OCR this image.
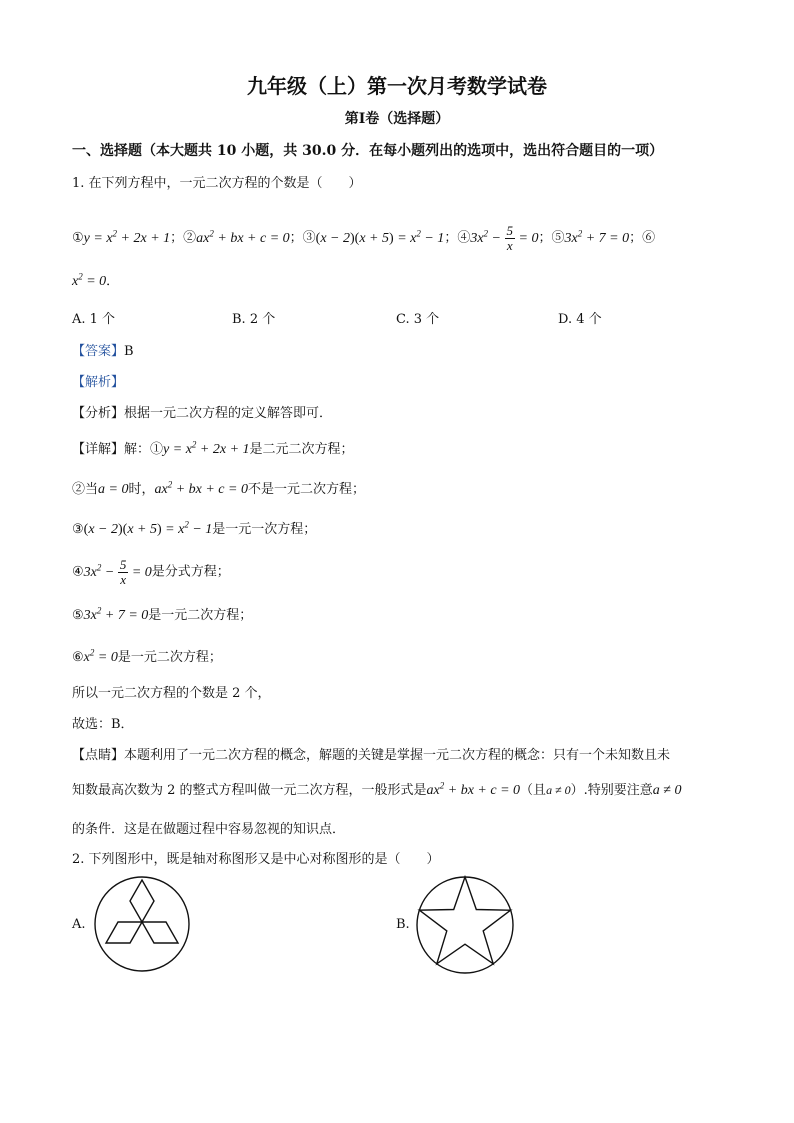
九年级（上）第一次月考数学试卷
第Ⅰ卷（选择题）
一、选择题（本大题共 10 小题，共 30.0 分．在每小题列出的选项中，选出符合题目的一项）
1. 在下列方程中，一元二次方程的个数是（　　）
①y = $x^2 + 2x + 1$；$②ax^2$ + bx + c = 0；③(x − $2)(x + 5) = x^2 - 1$；$④3x^2 - \frac{5}{x} = 0$；$⑤3x^2 + 7 = 0$；⑥
$x^2 = 0$．
A. 1 个	B. 2 个	C. 3 个	D. 4 个
【答案】B
【解析】
【分析】根据一元二次方程的定义解答即可．
【详解】解：①y = $x^2 + 2x + 1$是二元二次方程；
②当a = 0时，$ax^2$ + bx + c = 0不是一元二次方程；
③(x − $2)(x + 5) = x^2 - 1$是一元一次方程；
$④3x^2 - \frac{5}{x} = 0$是分式方程；
$⑤3x^2 + 7 = 0$是一元二次方程；
$⑥x^2 = 0$是一元二次方程；
所以一元二次方程的个数是 2 个，
故选：B．
【点睛】本题利用了一元二次方程的概念，解题的关键是掌握一元二次方程的概念：只有一个未知数且未
知数最高次数为 2 的整式方程叫做一元二次方程，一般形式是$ax^2$ + bx + c = 0（且a ≠ 0）.特别要注意a ≠ 0
的条件．这是在做题过程中容易忽视的知识点．
2. 下列图形中，既是轴对称图形又是中心对称图形的是（　　）
A.	B.
